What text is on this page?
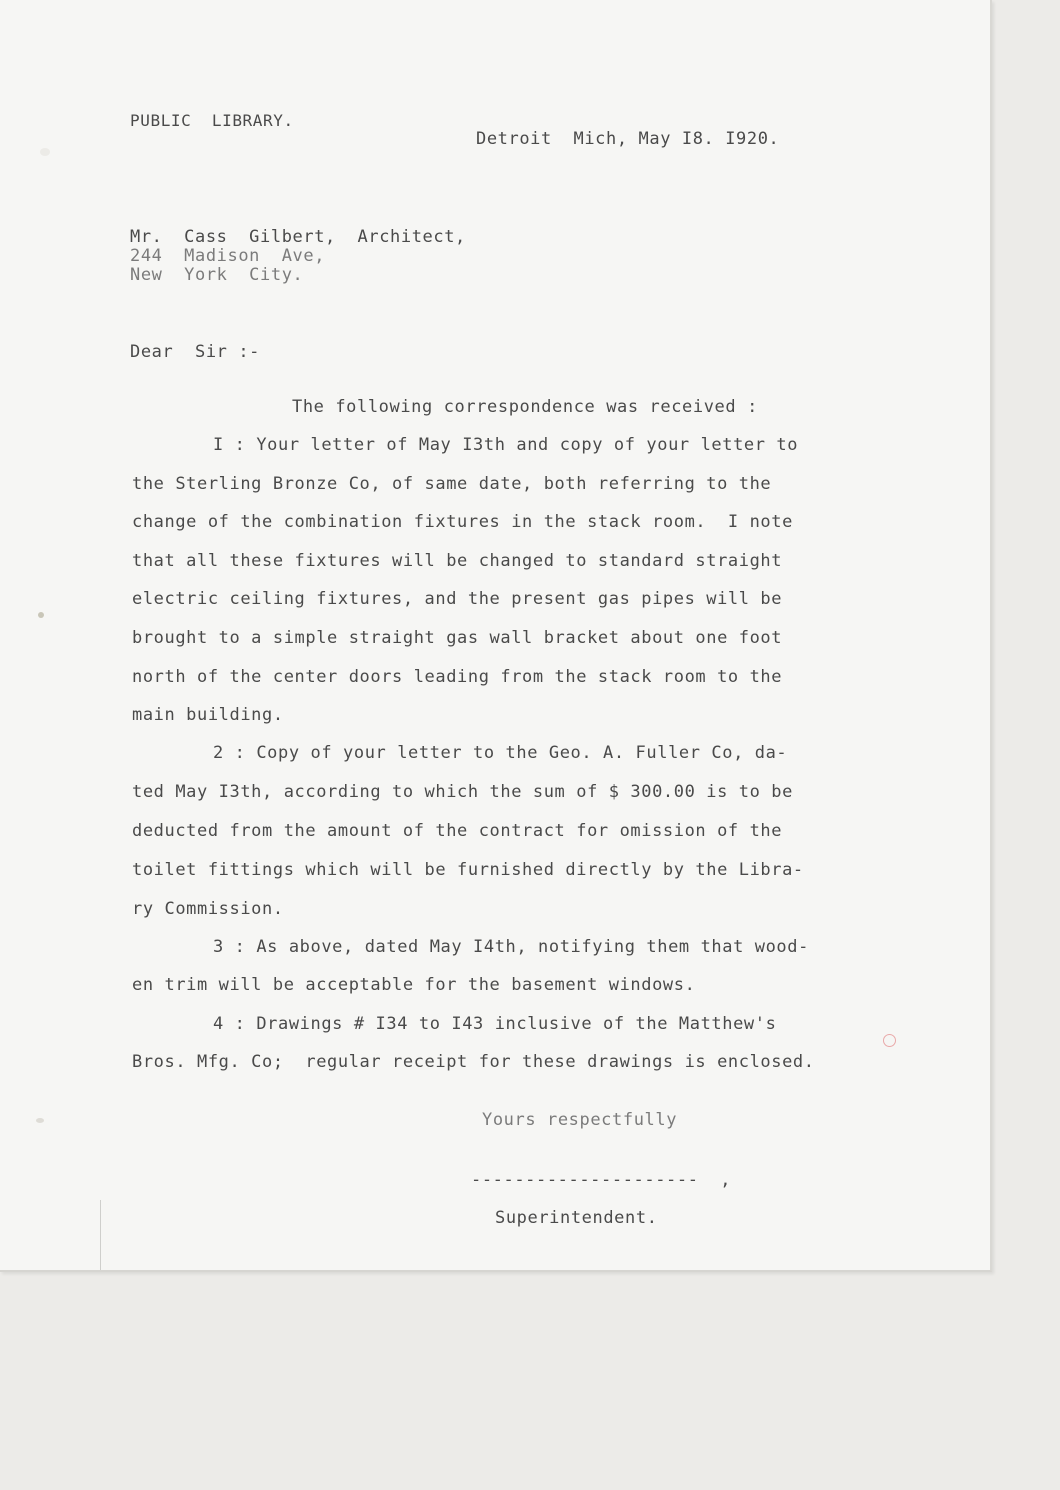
PUBLIC  LIBRARY.
Detroit  Mich, May I8. I920.
Mr.  Cass  Gilbert,  Architect,
244  Madison  Ave,
New  York  City.
Dear  Sir :-
The following correspondence was received :
I : Your letter of May I3th and copy of your letter to
the Sterling Bronze Co, of same date, both referring to the
change of the combination fixtures in the stack room.  I note
that all these fixtures will be changed to standard straight
electric ceiling fixtures, and the present gas pipes will be
brought to a simple straight gas wall bracket about one foot
north of the center doors leading from the stack room to the
main building.
2 : Copy of your letter to the Geo. A. Fuller Co, da-
ted May I3th, according to which the sum of $ 300.00 is to be
deducted from the amount of the contract for omission of the
toilet fittings which will be furnished directly by the Libra-
ry Commission.
3 : As above, dated May I4th, notifying them that wood-
en trim will be acceptable for the basement windows.
4 : Drawings # I34 to I43 inclusive of the Matthew's
Bros. Mfg. Co;  regular receipt for these drawings is enclosed.
Yours respectfully
---------------------  ,
Superintendent.
